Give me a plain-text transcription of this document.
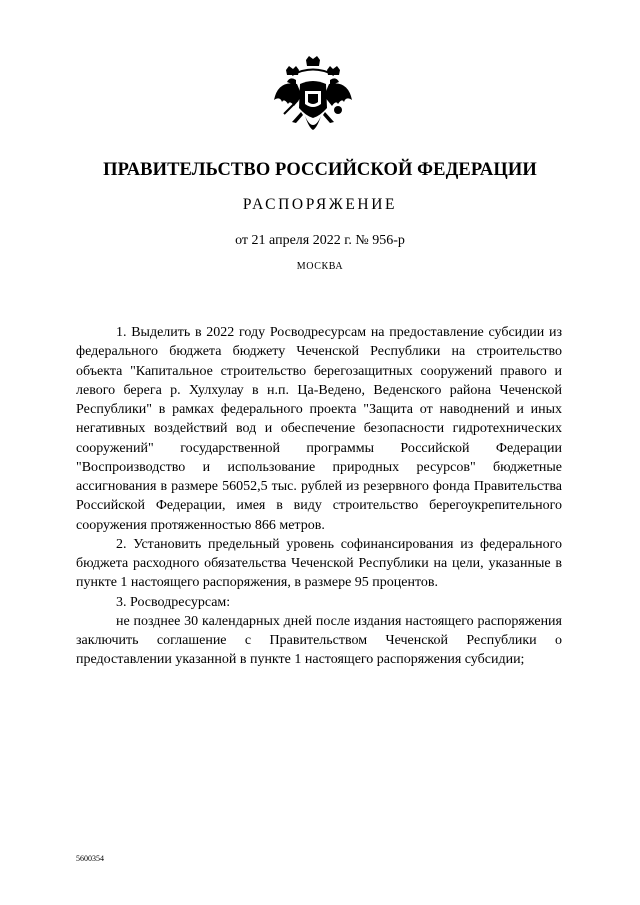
ПРАВИТЕЛЬСТВО РОССИЙСКОЙ ФЕДЕРАЦИИ
РАСПОРЯЖЕНИЕ
от 21 апреля 2022 г. № 956-р
МОСКВА

1. Выделить в 2022 году Росводресурсам на предоставление субсидии из федерального бюджета бюджету Чеченской Республики на строительство объекта "Капитальное строительство берегозащитных сооружений правого и левого берега р. Хулхулау в н.п. Ца-Ведено, Веденского района Чеченской Республики" в рамках федерального проекта "Защита от наводнений и иных негативных воздействий вод и обеспечение безопасности гидротехнических сооружений" государственной программы Российской Федерации "Воспроизводство и использование природных ресурсов" бюджетные ассигнования в размере 56052,5 тыс. рублей из резервного фонда Правительства Российской Федерации, имея в виду строительство берегоукрепительного сооружения протяженностью 866 метров.

2. Установить предельный уровень софинансирования из федерального бюджета расходного обязательства Чеченской Республики на цели, указанные в пункте 1 настоящего распоряжения, в размере 95 процентов.

3. Росводресурсам:

не позднее 30 календарных дней после издания настоящего распоряжения заключить соглашение с Правительством Чеченской Республики о предоставлении указанной в пункте 1 настоящего распоряжения субсидии;

5600354
